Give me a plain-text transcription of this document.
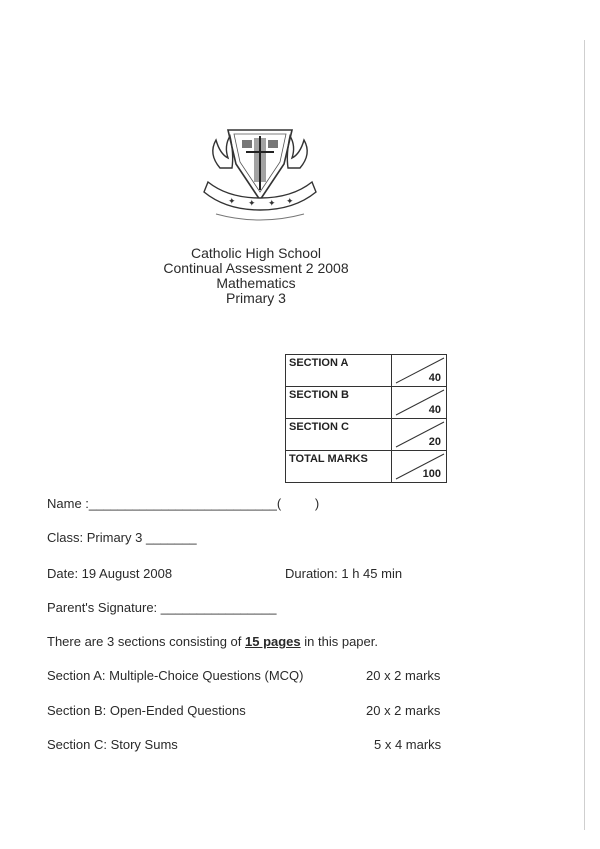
✦ ✦ ✦ ✦
Catholic High School
Continual Assessment 2 2008
Mathematics
Primary 3
SECTION A	40

SECTION B	40

SECTION C	20

TOTAL MARKS	100
Name :__________________________(	)
Class: Primary 3 _______
Date: 19 August 2008	Duration: 1 h 45 min
Parent's Signature: ________________
There are 3 sections consisting of 15 pages in this paper.
Section A: Multiple-Choice Questions (MCQ)	20 x 2 marks
Section B: Open-Ended Questions	20 x 2 marks
Section C: Story Sums	5 x 4 marks
